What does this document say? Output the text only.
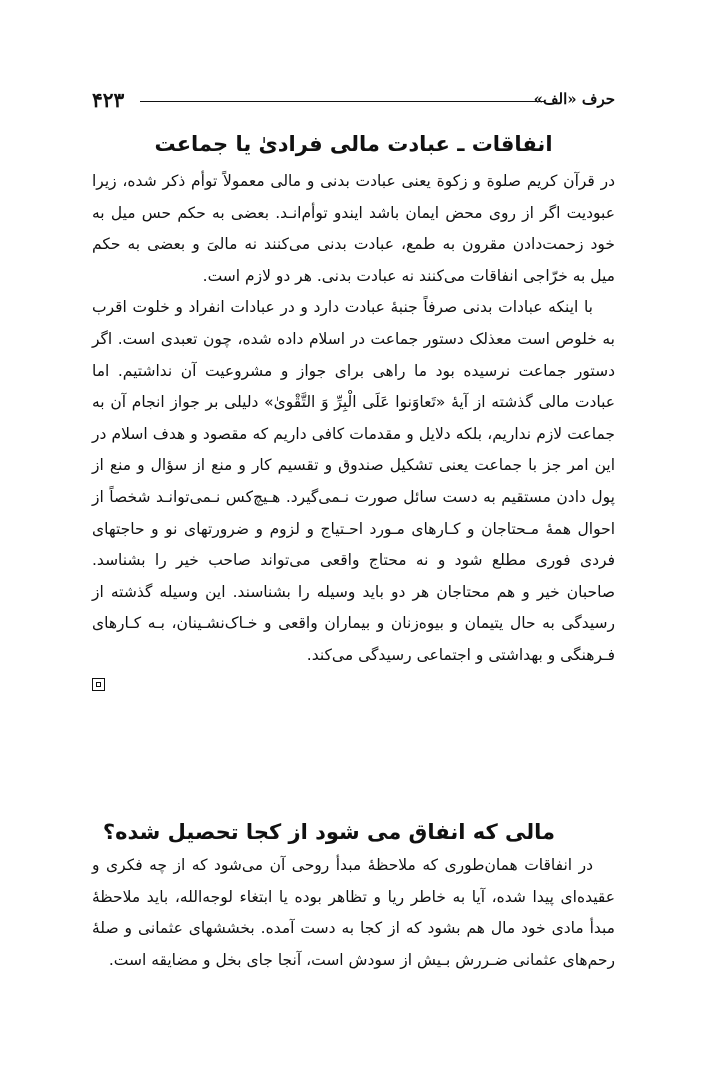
حرف «الف»
۴۲۳
انفاقات ـ عبادت مالی فرادیٰ یا جماعت

در قرآن کریم صلوة و زکوة یعنی عبادت بدنی و مالی معمولاً توأم ذکر شده، زیرا عبودیت اگر از روی محض ایمان باشد ایندو توأم‌انـد. بعضی به حکم حس میل به خود زحمت‌دادن مقرون به طمع، عبادت بدنی می‌کنند نه مالیَ و بعضی به حکم میل به خرّاجی انفاقات می‌کنند نه عبادت بدنی. هر دو لازم است.

با اینکه عبادات بدنی صرفاً جنبهٔ عبادت دارد و در عبادات انفراد و خلوت اقرب به خلوص است معذلک دستور جماعت در اسلام داده شده، چون تعبدی است. اگر دستور جماعت نرسیده بود ما راهی برای جواز و مشروعیت آن نداشتیم. اما عبادت مالی گذشته از آیهٔ «تَعاوَنوا عَلَی الْبِرِّ وَ التَّقْوىٰ» دلیلی بر جواز انجام آن به جماعت لازم نداریم، بلکه دلایل و مقدمات کافی داریم که مقصود و هدف اسلام در این امر جز با جماعت یعنی تشکیل صندوق و تقسیم کار و منع از سؤال و منع از پول دادن مستقیم به دست سائل صورت نـمی‌گیرد. هـیچ‌کس نـمی‌توانـد شخصاً از احوال همهٔ مـحتاجان و کـارهای مـورد احـتیاج و لزوم و ضرورتهای نو و حاجتهای فردی فوری مطلع شود و نه محتاج واقعی می‌تواند صاحب خیر را بشناسد. صاحبان خیر و هم محتاجان هر دو باید وسیله را بشناسند. این وسیله گذشته از رسیدگی به حال یتیمان و بیوه‌زنان و بیماران واقعی و خـاک‌نشـینان، بـه کـارهای فـرهنگی و بهداشتی و اجتماعی رسیدگی می‌کند.

مالی که انفاق می شود از کجا تحصیل شده؟

در انفاقات همان‌طوری که ملاحظهٔ مبدأ روحی آن می‌شود که از چه فکری و عقیده‌ای پیدا شده، آیا به خاطر ریا و تظاهر بوده یا ابتغاء لوجه‌الله، باید ملاحظهٔ مبدأ مادی خود مال هم بشود که از کجا به دست آمده. بخششهای عثمانی و صلهٔ رحم‌های عثمانی ضـررش بـیش از سودش است، آنجا جای بخل و مضایقه است.
